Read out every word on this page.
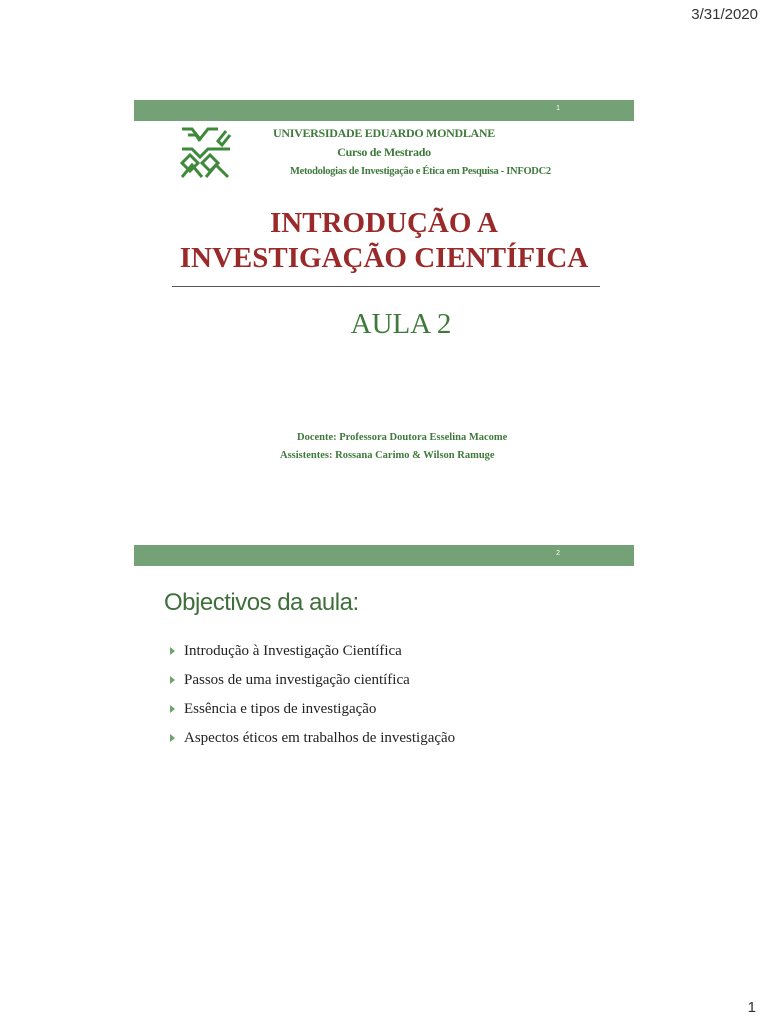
3/31/2020
1
UNIVERSIDADE EDUARDO MONDLANE
Curso de Mestrado
Metodologias de Investigação e Ética em Pesquisa - INFODC2
INTRODUÇÃO A
INVESTIGAÇÃO CIENTÍFICA
AULA 2
Docente: Professora Doutora Esselina Macome
Assistentes: Rossana Carimo & Wilson Ramuge
2
Objectivos da aula:
Introdução à Investigação Científica
Passos de uma investigação científica
Essência e tipos de investigação
Aspectos éticos em trabalhos de investigação
1
